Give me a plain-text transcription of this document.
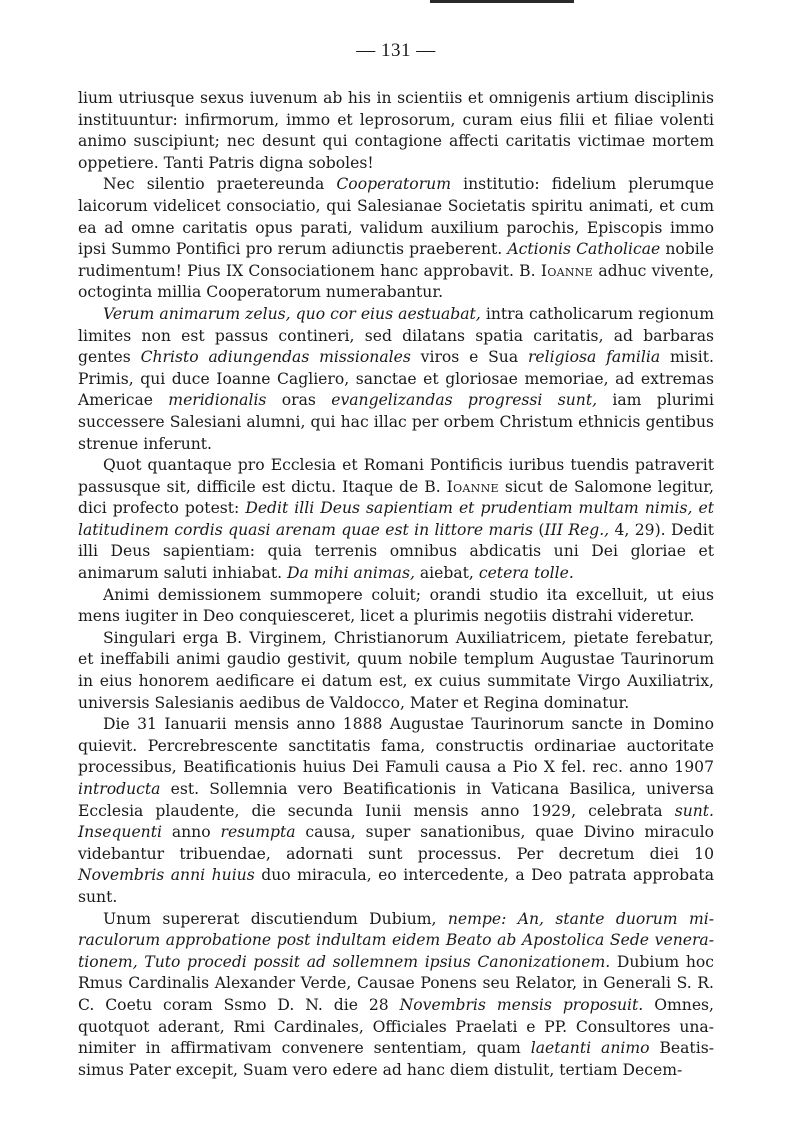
— 131 —

lium utriusque sexus iuvenum ab his in scientiis et omnigenis artium disciplinis instituuntur: infirmorum, immo et leprosorum, curam eius filii et filiae volenti animo suscipiunt; nec desunt qui contagione affecti caritatis victimae mortem oppetiere. Tanti Patris digna soboles!

Nec silentio praetereunda Cooperatorum institutio: fidelium plerumque laicorum videlicet consociatio, qui Salesianae Societatis spiritu animati, et cum ea ad omne caritatis opus parati, validum auxilium parochis, Episcopis immo ipsi Summo Pontifici pro rerum adiunctis praeberent. Actionis Catholicae nobile rudimentum! Pius IX Consociationem hanc approbavit. B. Ioanne adhuc vivente, octoginta millia Cooperatorum numerabantur.

Verum animarum zelus, quo cor eius aestuabat, intra catholicarum regionum limites non est passus contineri, sed dilatans spatia caritatis, ad barbaras gentes Christo adiungendas missionales viros e Sua religiosa familia misit. Primis, qui duce Ioanne Cagliero, sanctae et gloriosae memoriae, ad extremas Americae meridionalis oras evangelizandas progressi sunt, iam plurimi successere Salesiani alumni, qui hac illac per orbem Christum ethnicis gentibus strenue inferunt.

Quot quantaque pro Ecclesia et Romani Pontificis iuribus tuendis patraverit passusque sit, difficile est dictu. Itaque de B. Ioanne sicut de Salomone legitur, dici profecto potest: Dedit illi Deus sapientiam et prudentiam multam nimis, et latitudinem cordis quasi arenam quae est in littore maris (III Reg., 4, 29). Dedit illi Deus sapientiam: quia terrenis omnibus abdicatis uni Dei gloriae et animarum saluti inhiabat. Da mihi animas, aiebat, cetera tolle.

Animi demissionem summopere coluit; orandi studio ita excelluit, ut eius mens iugiter in Deo conquiesceret, licet a plurimis negotiis distrahi videretur.

Singulari erga B. Virginem, Christianorum Auxiliatricem, pietate ferebatur, et ineffabili animi gaudio gestivit, quum nobile templum Augustae Taurinorum in eius honorem aedificare ei datum est, ex cuius summitate Virgo Auxiliatrix, universis Salesianis aedibus de Valdocco, Mater et Regina dominatur.

Die 31 Ianuarii mensis anno 1888 Augustae Taurinorum sancte in Domino quievit. Percrebrescente sanctitatis fama, constructis ordinariae auctoritate processibus, Beatificationis huius Dei Famuli causa a Pio X fel. rec. anno 1907 introducta est. Sollemnia vero Beatificationis in Vaticana Basilica, universa Ecclesia plaudente, die secunda Iunii mensis anno 1929, celebrata sunt. Insequenti anno resumpta causa, super sanationibus, quae Divino miraculo videbantur tribuendae, adornati sunt processus. Per decretum diei 10 Novembris anni huius duo miracula, eo intercedente, a Deo patrata approbata sunt.

Unum supererat discutiendum Dubium, nempe: An, stante duorum miraculorum approbatione post indultam eidem Beato ab Apostolica Sede venerationem, Tuto procedi possit ad sollemnem ipsius Canonizationem. Dubium hoc Rmus Cardinalis Alexander Verde, Causae Ponens seu Relator, in Generali S. R. C. Coetu coram Ssmo D. N. die 28 Novembris mensis proposuit. Omnes, quotquot aderant, Rmi Cardinales, Officiales Praelati e PP. Consultores unanimiter in affirmativam convenere sententiam, quam laetanti animo Beatissimus Pater excepit, Suam vero edere ad hanc diem distulit, tertiam Decem-
